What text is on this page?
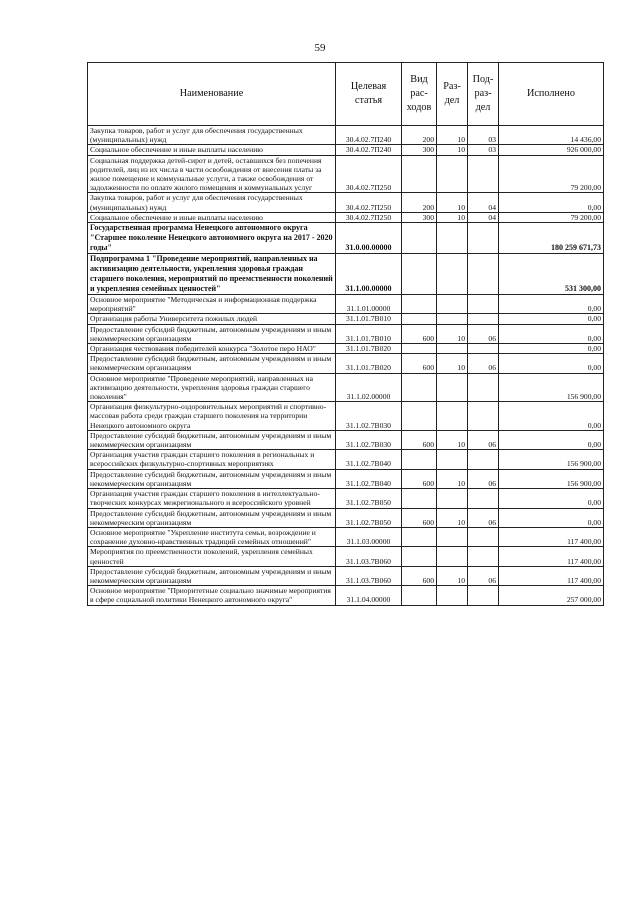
59
Наименование	Целевая статья	Вид рас- ходов	Раз- дел	Под- раз- дел	Исполнено
Закупка товаров, работ и услуг для обеспечения государственных (муниципальных) нужд	30.4.02.7П240	200	10	03	14 436,00
Социальное обеспечение и иные выплаты населению	30.4.02.7П240	300	10	03	926 000,00
Социальная поддержка детей-сирот и детей, оставшихся без попечения родителей, лиц из их числа в части освобождения от внесения платы за жилое помещение и коммунальные услуги, а также освобождения от задолженности по оплате жилого помещения и коммунальных услуг	30.4.02.7П250				79 200,00
Закупка товаров, работ и услуг для обеспечения государственных (муниципальных) нужд	30.4.02.7П250	200	10	04	0,00
Социальное обеспечение и иные выплаты населению	30.4.02.7П250	300	10	04	79 200,00
Государственная программа Ненецкого автономного округа "Старшее поколение Ненецкого автономного округа на 2017 - 2020 годы"	31.0.00.00000				180 259 671,73
Подпрограмма 1 "Проведение мероприятий, направленных на активизацию деятельности, укрепления здоровья граждан старшего поколения, мероприятий по преемственности поколений и укрепления семейных ценностей"	31.1.00.00000				531 300,00
Основное мероприятие "Методическая и информационная поддержка мероприятий"	31.1.01.00000				0,00
Организация работы Университета пожилых людей	31.1.01.7В010				0,00
Предоставление субсидий бюджетным, автономным учреждениям и иным некоммерческим организациям	31.1.01.7В010	600	10	06	0,00
Организация чествования победителей конкурса "Золотое перо НАО"	31.1.01.7В020				0,00
Предоставление субсидий бюджетным, автономным учреждениям и иным некоммерческим организациям	31.1.01.7В020	600	10	06	0,00
Основное мероприятие "Проведение мероприятий, направленных на активизацию деятельности, укрепления здоровья граждан старшего поколения"	31.1.02.00000				156 900,00
Организация физкультурно-оздоровительных мероприятий и спортивно-массовая работа среди граждан старшего поколения на территории Ненецкого автономного округа	31.1.02.7В030				0,00
Предоставление субсидий бюджетным, автономным учреждениям и иным некоммерческим организациям	31.1.02.7В030	600	10	06	0,00
Организация участия граждан старшего поколения в региональных и всероссийских физкультурно-спортивных мероприятиях	31.1.02.7В040				156 900,00
Предоставление субсидий бюджетным, автономным учреждениям и иным некоммерческим организациям	31.1.02.7В040	600	10	06	156 900,00
Организация участия граждан старшего поколения в интеллектуально-творческих конкурсах межрегионального и всероссийского уровней	31.1.02.7В050				0,00
Предоставление субсидий бюджетным, автономным учреждениям и иным некоммерческим организациям	31.1.02.7В050	600	10	06	0,00
Основное мероприятие "Укрепление института семьи, возрождение и сохранение духовно-нравственных традиций семейных отношений"	31.1.03.00000				117 400,00
Мероприятия по преемственности поколений, укрепления семейных ценностей	31.1.03.7В060				117 400,00
Предоставление субсидий бюджетным, автономным учреждениям и иным некоммерческим организациям	31.1.03.7В060	600	10	06	117 400,00
Основное мероприятие "Приоритетные социально значимые мероприятия в сфере социальной политики Ненецкого автономного округа"	31.1.04.00000				257 000,00
